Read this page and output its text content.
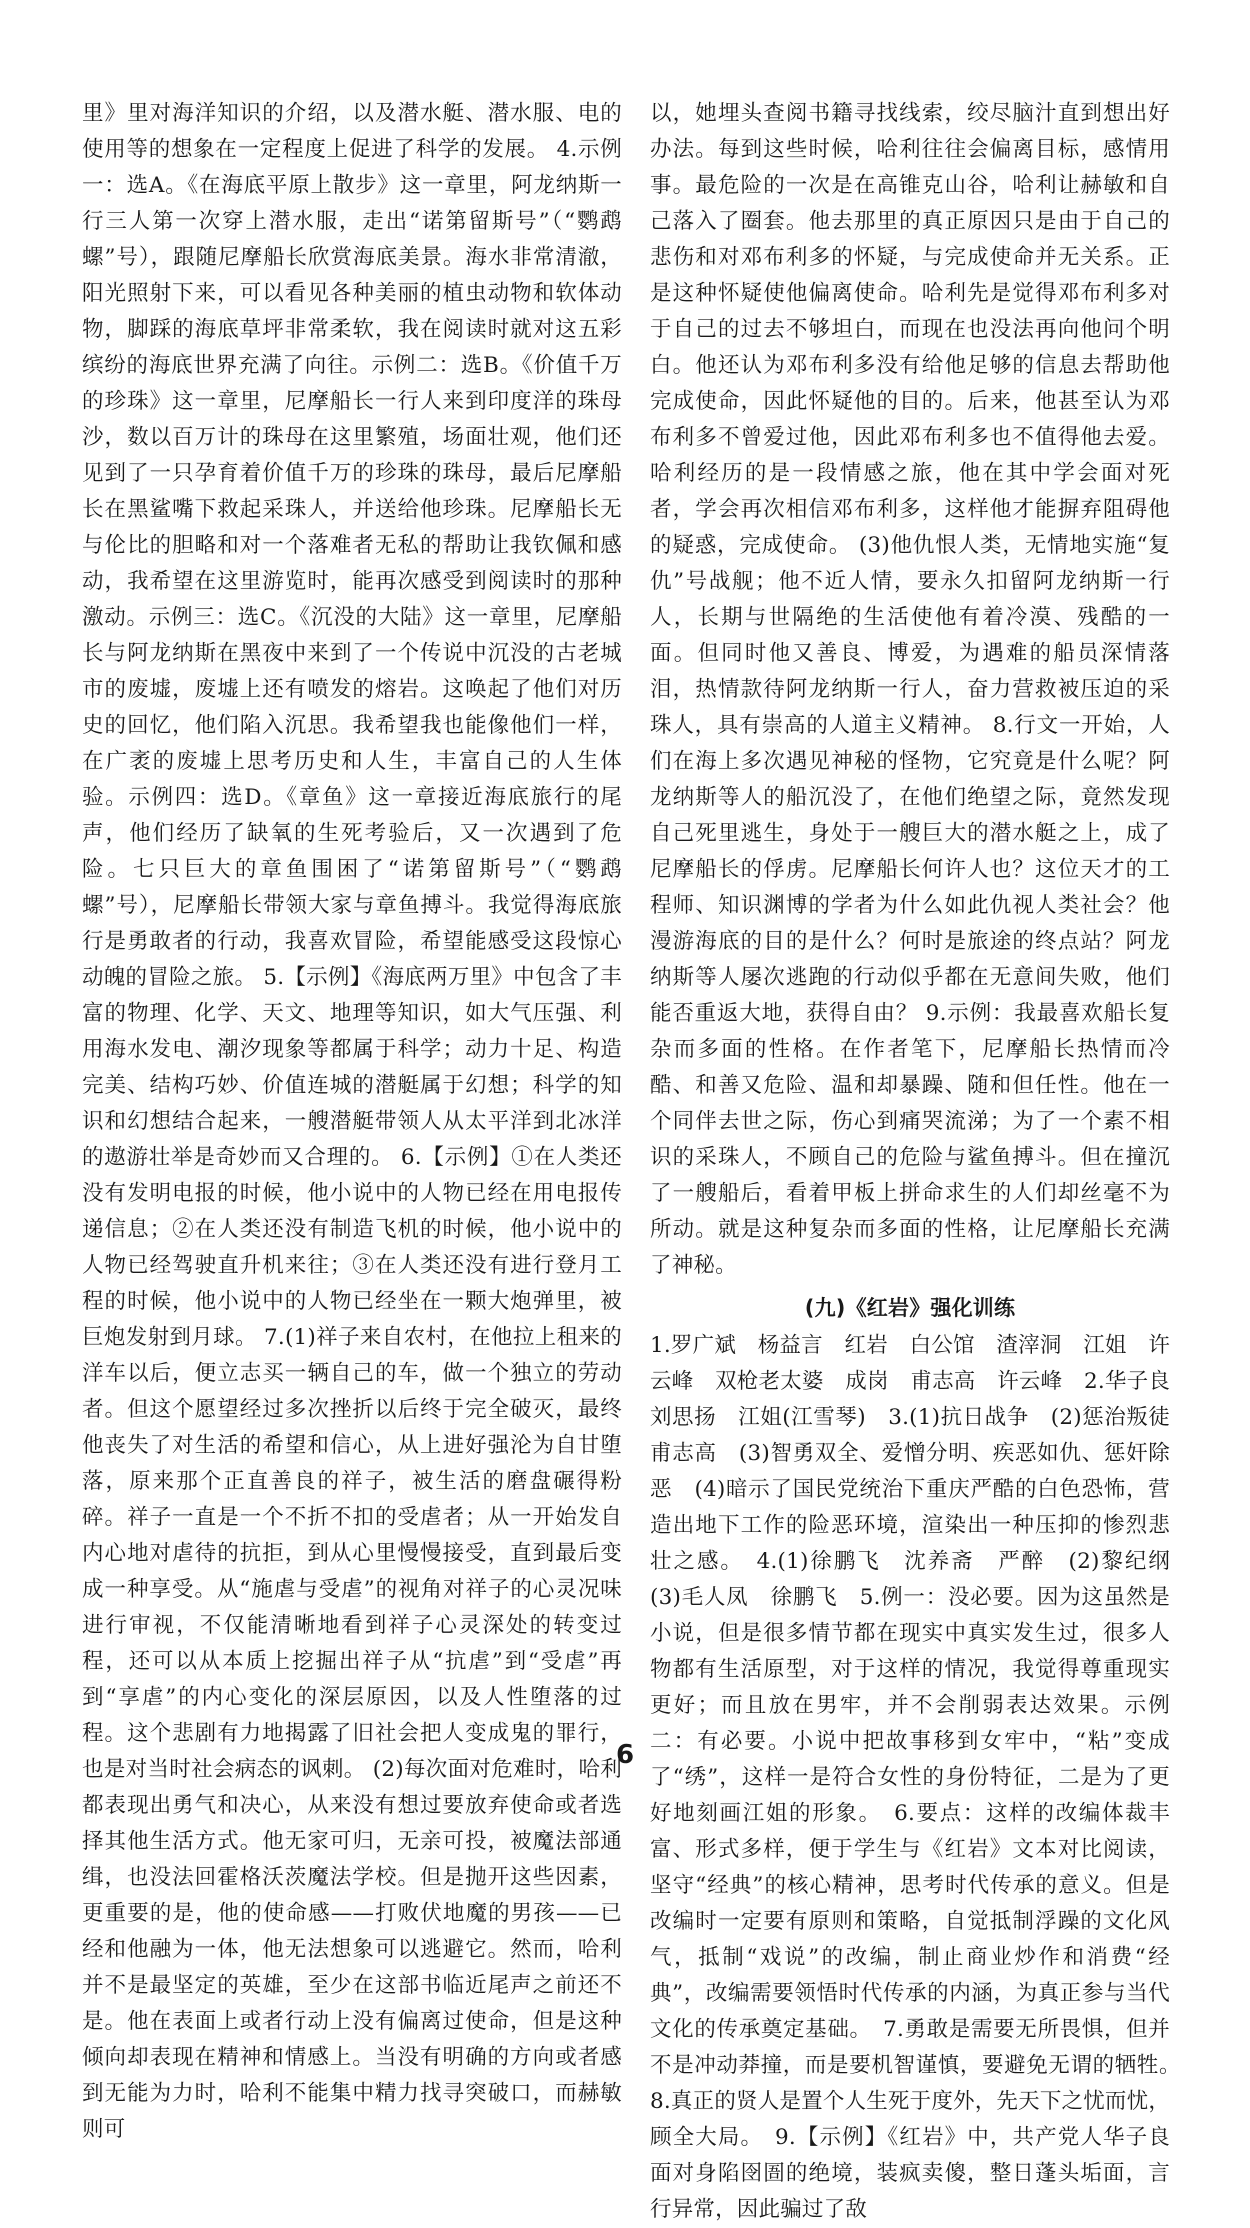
里》里对海洋知识的介绍，以及潜水艇、潜水服、电的使用等的想象在一定程度上促进了科学的发展。 4.示例一：选A。《在海底平原上散步》这一章里，阿龙纳斯一行三人第一次穿上潜水服，走出“诺第留斯号”（“鹦鹉螺”号），跟随尼摩船长欣赏海底美景。海水非常清澈，阳光照射下来，可以看见各种美丽的植虫动物和软体动物，脚踩的海底草坪非常柔软，我在阅读时就对这五彩缤纷的海底世界充满了向往。示例二：选B。《价值千万的珍珠》这一章里，尼摩船长一行人来到印度洋的珠母沙，数以百万计的珠母在这里繁殖，场面壮观，他们还见到了一只孕育着价值千万的珍珠的珠母，最后尼摩船长在黑鲨嘴下救起采珠人，并送给他珍珠。尼摩船长无与伦比的胆略和对一个落难者无私的帮助让我钦佩和感动，我希望在这里游览时，能再次感受到阅读时的那种激动。示例三：选C。《沉没的大陆》这一章里，尼摩船长与阿龙纳斯在黑夜中来到了一个传说中沉没的古老城市的废墟，废墟上还有喷发的熔岩。这唤起了他们对历史的回忆，他们陷入沉思。我希望我也能像他们一样，在广袤的废墟上思考历史和人生，丰富自己的人生体验。示例四：选D。《章鱼》这一章接近海底旅行的尾声，他们经历了缺氧的生死考验后，又一次遇到了危险。七只巨大的章鱼围困了“诺第留斯号”（“鹦鹉螺”号），尼摩船长带领大家与章鱼搏斗。我觉得海底旅行是勇敢者的行动，我喜欢冒险，希望能感受这段惊心动魄的冒险之旅。 5.【示例】《海底两万里》中包含了丰富的物理、化学、天文、地理等知识，如大气压强、利用海水发电、潮汐现象等都属于科学；动力十足、构造完美、结构巧妙、价值连城的潜艇属于幻想；科学的知识和幻想结合起来，一艘潜艇带领人从太平洋到北冰洋的遨游壮举是奇妙而又合理的。 6.【示例】①在人类还没有发明电报的时候，他小说中的人物已经在用电报传递信息；②在人类还没有制造飞机的时候，他小说中的人物已经驾驶直升机来往；③在人类还没有进行登月工程的时候，他小说中的人物已经坐在一颗大炮弹里，被巨炮发射到月球。 7.(1)祥子来自农村，在他拉上租来的洋车以后，便立志买一辆自己的车，做一个独立的劳动者。但这个愿望经过多次挫折以后终于完全破灭，最终他丧失了对生活的希望和信心，从上进好强沦为自甘堕落，原来那个正直善良的祥子，被生活的磨盘碾得粉碎。祥子一直是一个不折不扣的受虐者；从一开始发自内心地对虐待的抗拒，到从心里慢慢接受，直到最后变成一种享受。从“施虐与受虐”的视角对祥子的心灵况味进行审视，不仅能清晰地看到祥子心灵深处的转变过程，还可以从本质上挖掘出祥子从“抗虐”到“受虐”再到“享虐”的内心变化的深层原因，以及人性堕落的过程。这个悲剧有力地揭露了旧社会把人变成鬼的罪行，也是对当时社会病态的讽刺。 (2)每次面对危难时，哈利都表现出勇气和决心，从来没有想过要放弃使命或者选择其他生活方式。他无家可归，无亲可投，被魔法部通缉，也没法回霍格沃茨魔法学校。但是抛开这些因素，更重要的是，他的使命感——打败伏地魔的男孩——已经和他融为一体，他无法想象可以逃避它。然而，哈利并不是最坚定的英雄，至少在这部书临近尾声之前还不是。他在表面上或者行动上没有偏离过使命，但是这种倾向却表现在精神和情感上。当没有明确的方向或者感到无能为力时，哈利不能集中精力找寻突破口，而赫敏则可

以，她埋头查阅书籍寻找线索，绞尽脑汁直到想出好办法。每到这些时候，哈利往往会偏离目标，感情用事。最危险的一次是在高锥克山谷，哈利让赫敏和自己落入了圈套。他去那里的真正原因只是由于自己的悲伤和对邓布利多的怀疑，与完成使命并无关系。正是这种怀疑使他偏离使命。哈利先是觉得邓布利多对于自己的过去不够坦白，而现在也没法再向他问个明白。他还认为邓布利多没有给他足够的信息去帮助他完成使命，因此怀疑他的目的。后来，他甚至认为邓布利多不曾爱过他，因此邓布利多也不值得他去爱。哈利经历的是一段情感之旅，他在其中学会面对死者，学会再次相信邓布利多，这样他才能摒弃阻碍他的疑惑，完成使命。 (3)他仇恨人类，无情地实施“复仇”号战舰；他不近人情，要永久扣留阿龙纳斯一行人，长期与世隔绝的生活使他有着冷漠、残酷的一面。但同时他又善良、博爱，为遇难的船员深情落泪，热情款待阿龙纳斯一行人，奋力营救被压迫的采珠人，具有崇高的人道主义精神。 8.行文一开始，人们在海上多次遇见神秘的怪物，它究竟是什么呢？阿龙纳斯等人的船沉没了，在他们绝望之际，竟然发现自己死里逃生，身处于一艘巨大的潜水艇之上，成了尼摩船长的俘虏。尼摩船长何许人也？这位天才的工程师、知识渊博的学者为什么如此仇视人类社会？他漫游海底的目的是什么？何时是旅途的终点站？阿龙纳斯等人屡次逃跑的行动似乎都在无意间失败，他们能否重返大地，获得自由？ 9.示例：我最喜欢船长复杂而多面的性格。在作者笔下，尼摩船长热情而冷酷、和善又危险、温和却暴躁、随和但任性。他在一个同伴去世之际，伤心到痛哭流涕；为了一个素不相识的采珠人，不顾自己的危险与鲨鱼搏斗。但在撞沉了一艘船后，看着甲板上拼命求生的人们却丝毫不为所动。就是这种复杂而多面的性格，让尼摩船长充满了神秘。

(九)《红岩》强化训练

1.罗广斌　杨益言　红岩　白公馆　渣滓洞　江姐　许云峰　双枪老太婆　成岗　甫志高　许云峰　2.华子良　刘思扬　江姐(江雪琴)　3.(1)抗日战争　(2)惩治叛徒甫志高　(3)智勇双全、爱憎分明、疾恶如仇、惩奸除恶　(4)暗示了国民党统治下重庆严酷的白色恐怖，营造出地下工作的险恶环境，渲染出一种压抑的惨烈悲壮之感。　4.(1)徐鹏飞　沈养斋　严醉　(2)黎纪纲　(3)毛人凤　徐鹏飞　5.例一：没必要。因为这虽然是小说，但是很多情节都在现实中真实发生过，很多人物都有生活原型，对于这样的情况，我觉得尊重现实更好；而且放在男牢，并不会削弱表达效果。示例二：有必要。小说中把故事移到女牢中，“粘”变成了“绣”，这样一是符合女性的身份特征，二是为了更好地刻画江姐的形象。　6.要点：这样的改编体裁丰富、形式多样，便于学生与《红岩》文本对比阅读，坚守“经典”的核心精神，思考时代传承的意义。但是改编时一定要有原则和策略，自觉抵制浮躁的文化风气，抵制“戏说”的改编，制止商业炒作和消费“经典”，改编需要领悟时代传承的内涵，为真正参与当代文化的传承奠定基础。　7.勇敢是需要无所畏惧，但并不是冲动莽撞，而是要机智谨慎，要避免无谓的牺牲。　8.真正的贤人是置个人生死于度外，先天下之忧而忧，顾全大局。　9.【示例】《红岩》中，共产党人华子良面对身陷囹圄的绝境，装疯卖傻，整日蓬头垢面，言行异常，因此骗过了敌

6
